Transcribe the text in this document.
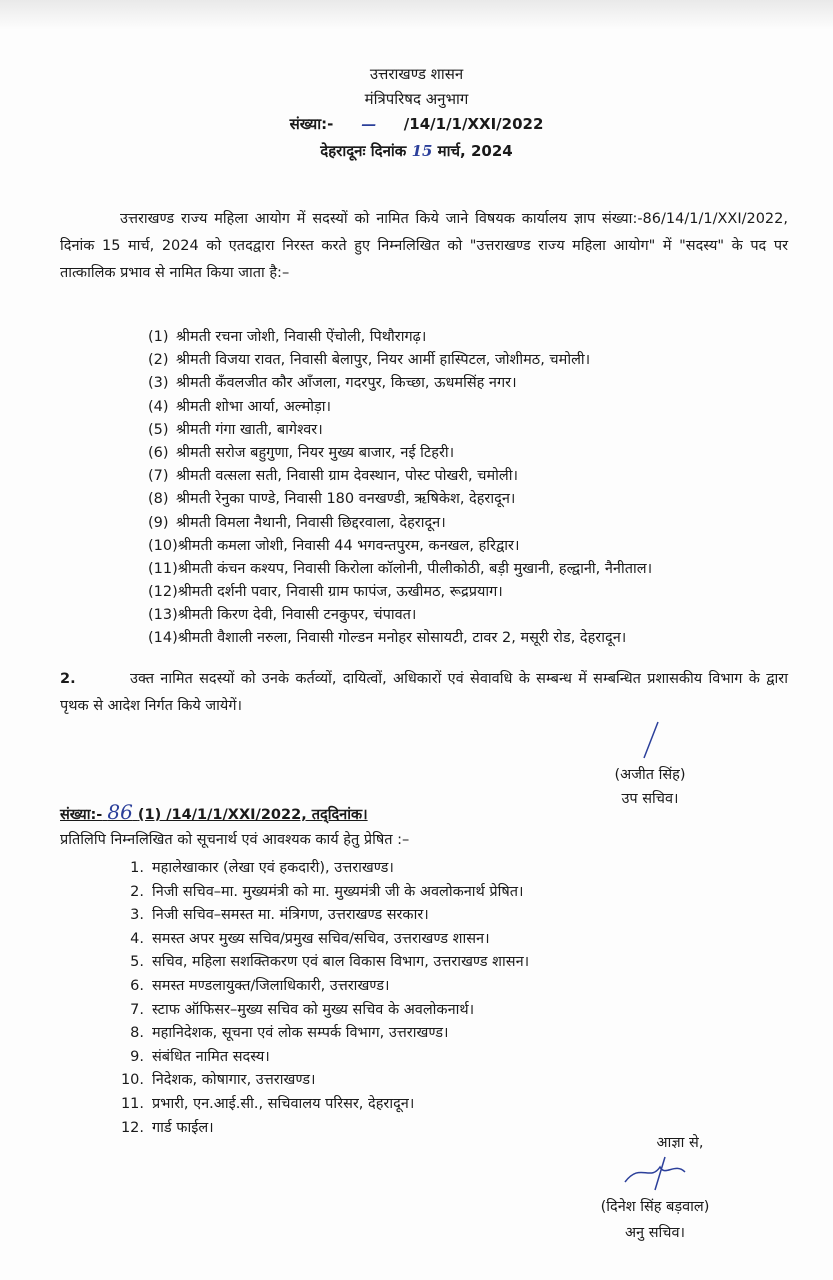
उत्तराखण्ड शासन
मंत्रिपरिषद अनुभाग
संख्या:- — /14/1/1/XXI/2022
देहरादूनः दिनांक 15 मार्च, 2024
उत्तराखण्ड राज्य महिला आयोग में सदस्यों को नामित किये जाने विषयक कार्यालय ज्ञाप संख्या:-86/14/1/1/XXI/2022, दिनांक 15 मार्च, 2024 को एतदद्वारा निरस्त करते हुए निम्नलिखित को "उत्तराखण्ड राज्य महिला आयोग" में "सदस्य" के पद पर तात्कालिक प्रभाव से नामित किया जाता है:–
(1) श्रीमती रचना जोशी, निवासी ऐंचोली, पिथौरागढ़।
(2) श्रीमती विजया रावत, निवासी बेलापुर, नियर आर्मी हास्पिटल, जोशीमठ, चमोली।
(3) श्रीमती कँवलजीत कौर आँजला, गदरपुर, किच्छा, ऊधमसिंह नगर।
(4) श्रीमती शोभा आर्या, अल्मोड़ा।
(5) श्रीमती गंगा खाती, बागेश्वर।
(6) श्रीमती सरोज बहुगुणा, नियर मुख्य बाजार, नई टिहरी।
(7) श्रीमती वत्सला सती, निवासी ग्राम देवस्थान, पोस्ट पोखरी, चमोली।
(8) श्रीमती रेनुका पाण्डे, निवासी 180 वनखण्डी, ऋषिकेश, देहरादून।
(9) श्रीमती विमला नैथानी, निवासी छिद्दरवाला, देहरादून।
(10)श्रीमती कमला जोशी, निवासी 44 भगवन्तपुरम, कनखल, हरिद्वार।
(11)श्रीमती कंचन कश्यप, निवासी किरोला कॉलोनी, पीलीकोठी, बड़ी मुखानी, हल्द्वानी, नैनीताल।
(12)श्रीमती दर्शनी पवार, निवासी ग्राम फापंज, ऊखीमठ, रूद्रप्रयाग।
(13)श्रीमती किरण देवी, निवासी टनकुपर, चंपावत।
(14)श्रीमती वैशाली नरुला, निवासी गोल्डन मनोहर सोसायटी, टावर 2, मसूरी रोड, देहरादून।
2.	उक्त नामित सदस्यों को उनके कर्तव्यों, दायित्वों, अधिकारों एवं सेवावधि के सम्बन्ध में सम्बन्धित प्रशासकीय विभाग के द्वारा पृथक से आदेश निर्गत किये जायेगें।
(अजीत सिंह)
उप सचिव।
संख्या:- 86 (1) /14/1/1/XXI/2022, तद्‌दिनांक।
प्रतिलिपि निम्नलिखित को सूचनार्थ एवं आवश्यक कार्य हेतु प्रेषित :–
1. महालेखाकार (लेखा एवं हकदारी), उत्तराखण्ड।
2. निजी सचिव–मा. मुख्यमंत्री को मा. मुख्यमंत्री जी के अवलोकनार्थ प्रेषित।
3. निजी सचिव–समस्त मा. मंत्रिगण, उत्तराखण्ड सरकार।
4. समस्त अपर मुख्य सचिव/प्रमुख सचिव/सचिव, उत्तराखण्ड शासन।
5. सचिव, महिला सशक्तिकरण एवं बाल विकास विभाग, उत्तराखण्ड शासन।
6. समस्त मण्डलायुक्त/जिलाधिकारी, उत्तराखण्ड।
7. स्टाफ ऑफिसर–मुख्य सचिव को मुख्य सचिव के अवलोकनार्थ।
8. महानिदेशक, सूचना एवं लोक सम्पर्क विभाग, उत्तराखण्ड।
9. संबंधित नामित सदस्य।
10. निदेशक, कोषागार, उत्तराखण्ड।
11. प्रभारी, एन.आई.सी., सचिवालय परिसर, देहरादून।
12. गार्ड फाईल।
आज्ञा से,
(दिनेश सिंह बड़वाल)
अनु सचिव।
